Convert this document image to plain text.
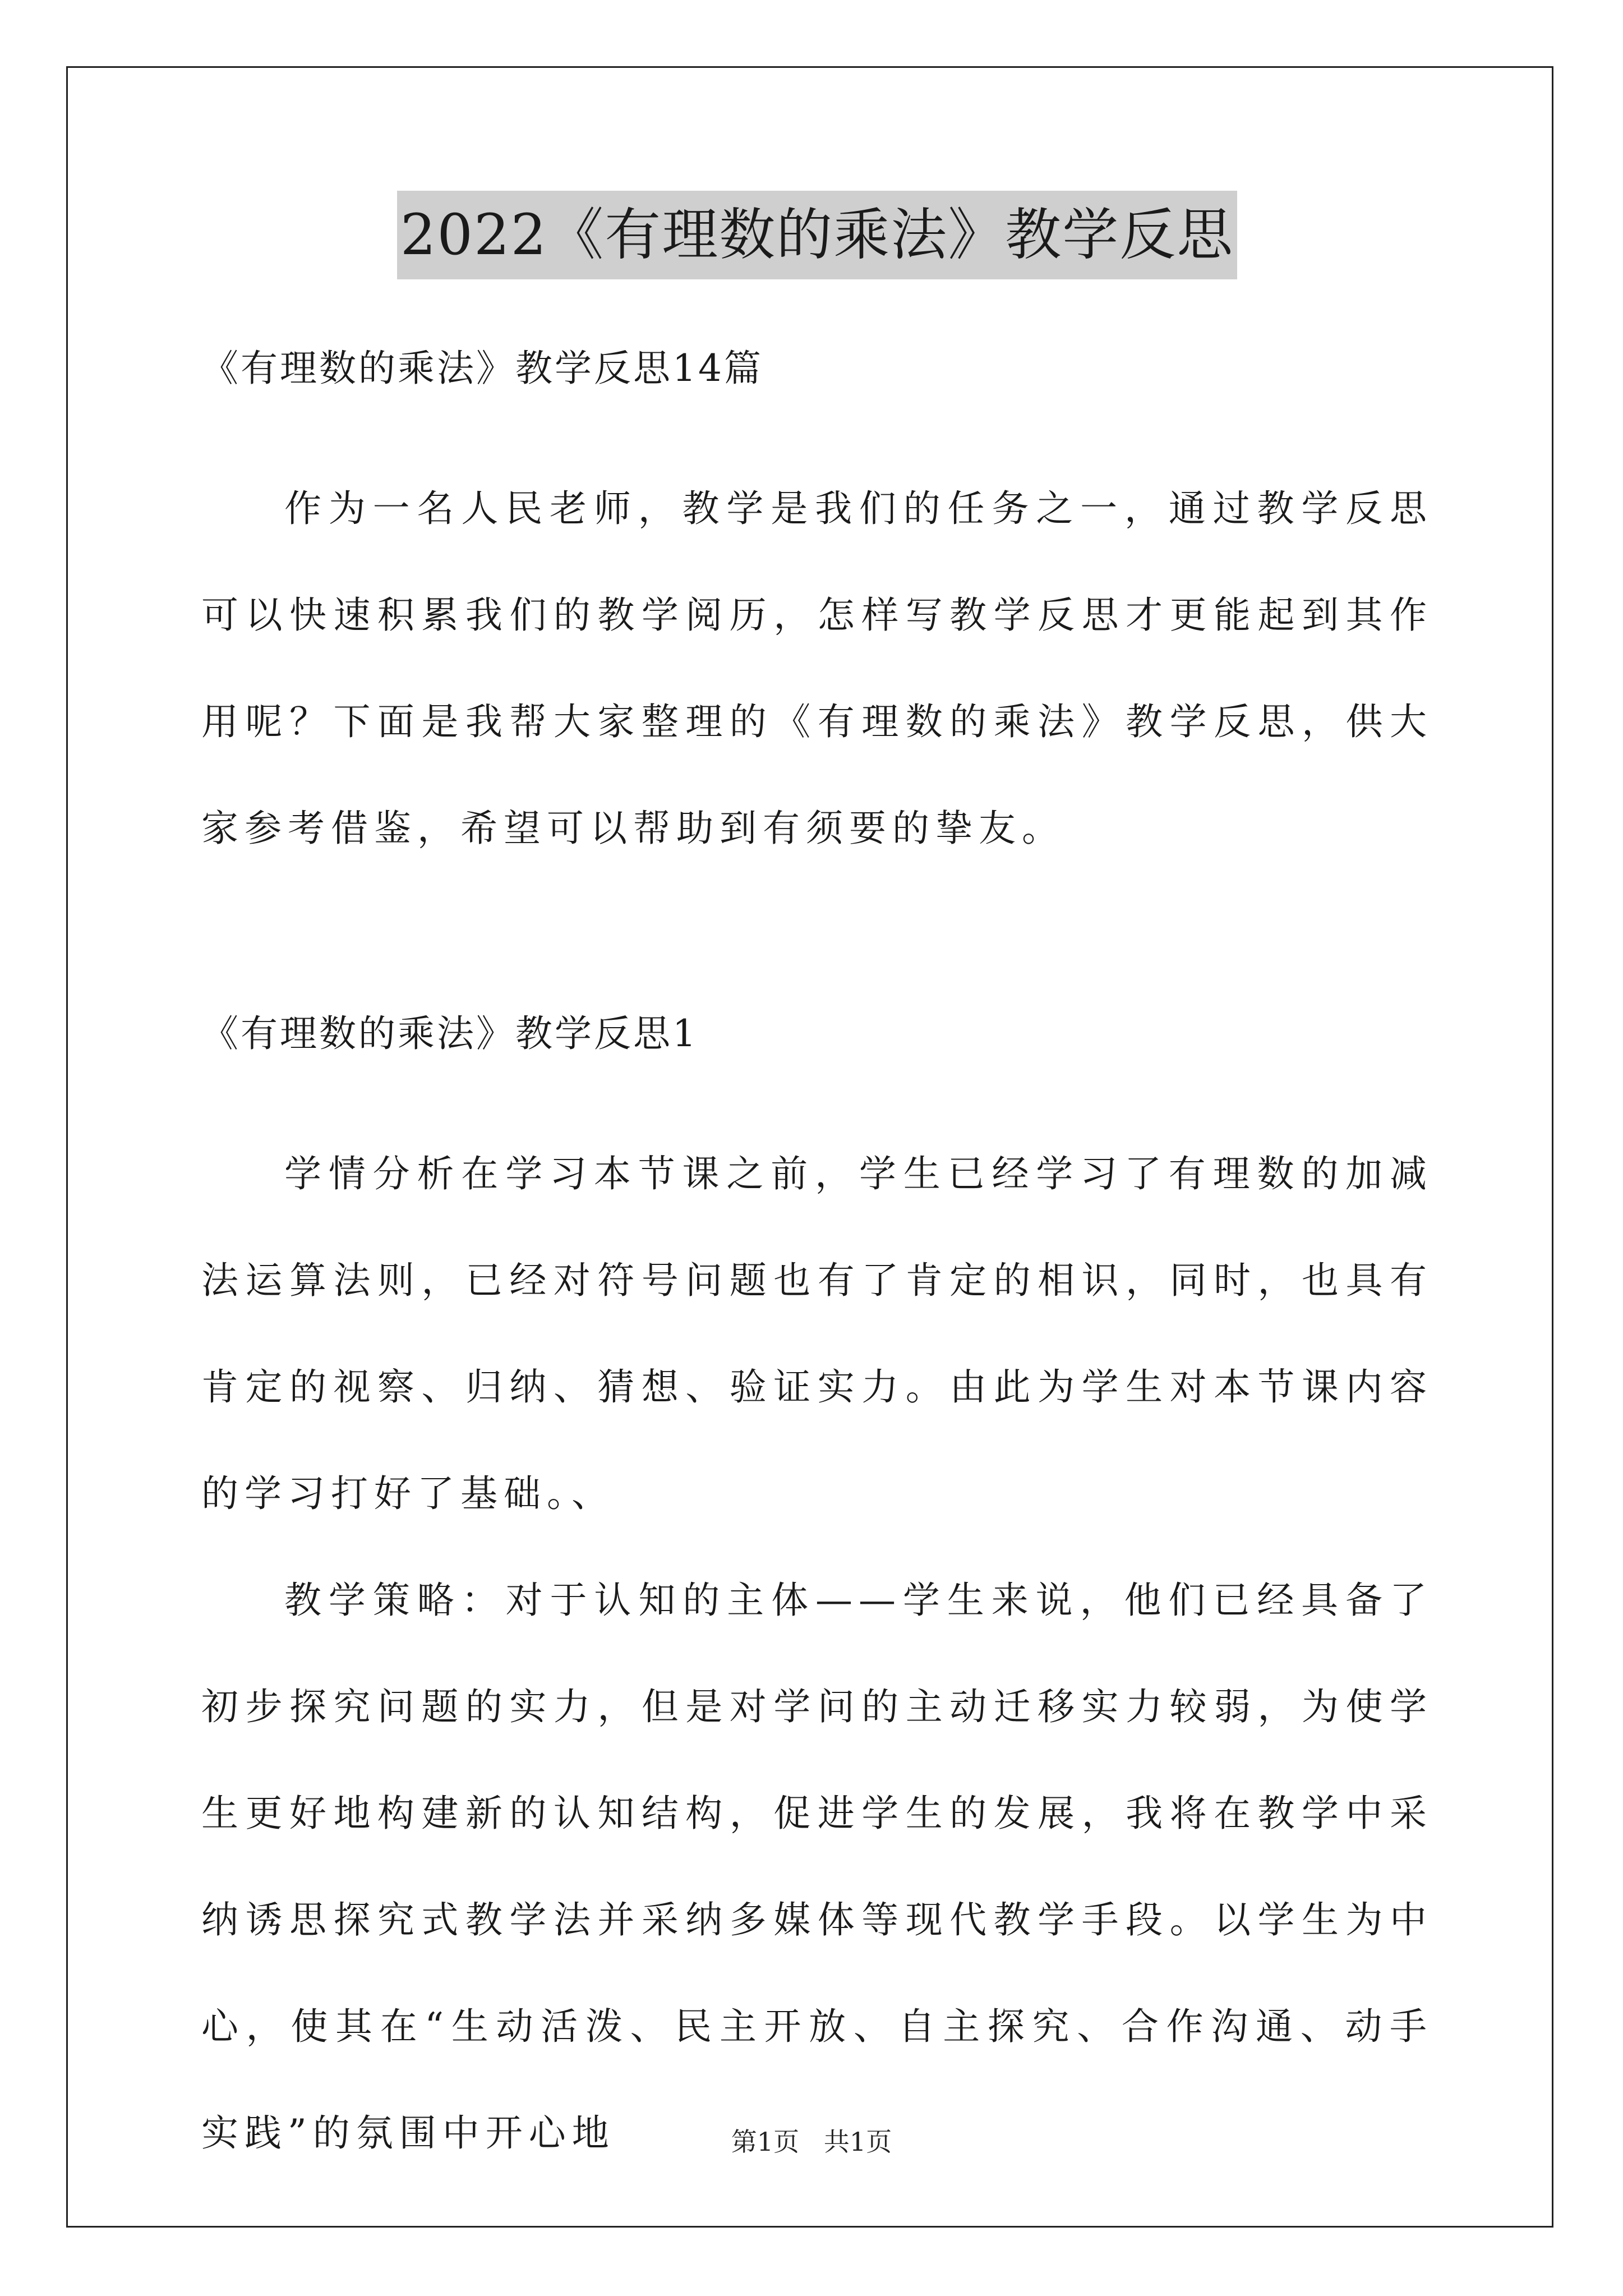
2022《有理数的乘法》教学反思
《有理数的乘法》教学反思14篇

作为一名人民老师，教学是我们的任务之一，通过教学反思可以快速积累我们的教学阅历，怎样写教学反思才更能起到其作用呢？下面是我帮大家整理的《有理数的乘法》教学反思，供大家参考借鉴，希望可以帮助到有须要的挚友。

《有理数的乘法》教学反思1

学情分析在学习本节课之前，学生已经学习了有理数的加减法运算法则，已经对符号问题也有了肯定的相识，同时，也具有肯定的视察、归纳、猜想、验证实力。由此为学生对本节课内容的学习打好了基础。、

教学策略：对于认知的主体——学生来说，他们已经具备了初步探究问题的实力，但是对学问的主动迁移实力较弱，为使学生更好地构建新的认知结构，促进学生的发展，我将在教学中采纳诱思探究式教学法并采纳多媒体等现代教学手段。以学生为中心，使其在“生动活泼、民主开放、自主探究、合作沟通、动手实践”的氛围中开心地	第1页   共1页
